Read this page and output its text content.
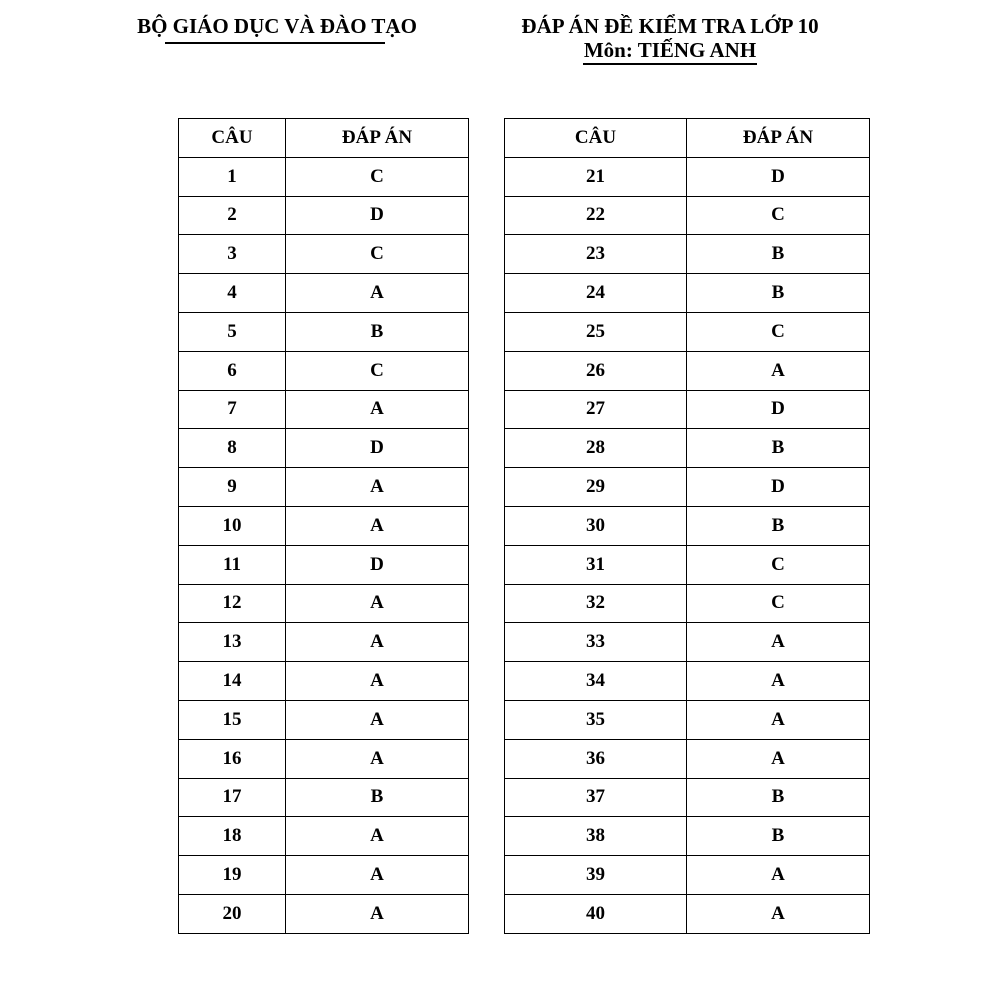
BỘ GIÁO DỤC VÀ ĐÀO TẠO	ĐÁP ÁN ĐỀ KIỂM TRA LỚP 10
Môn: TIẾNG ANH
CÂU	ĐÁP ÁN
1	C
2	D
3	C
4	A
5	B
6	C
7	A
8	D
9	A
10	A
11	D
12	A
13	A
14	A
15	A
16	A
17	B
18	A
19	A
20	A
CÂU	ĐÁP ÁN
21	D
22	C
23	B
24	B
25	C
26	A
27	D
28	B
29	D
30	B
31	C
32	C
33	A
34	A
35	A
36	A
37	B
38	B
39	A
40	A
